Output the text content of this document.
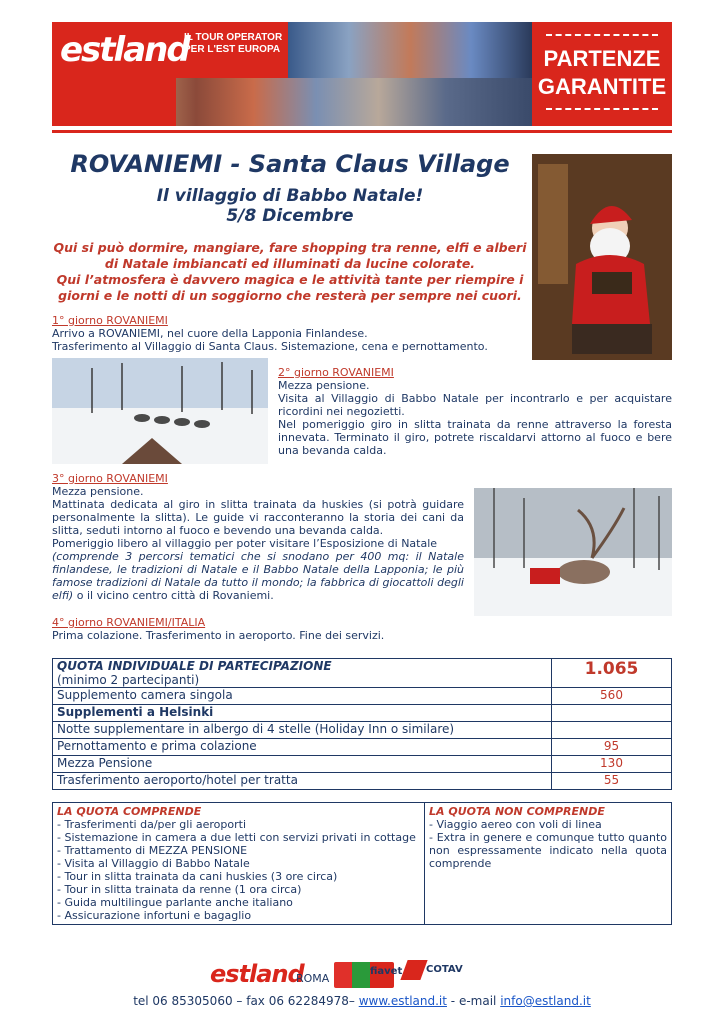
estland
IL TOUR OPERATOR
PER L'EST EUROPA	PARTENZE
GARANTITE
ROVANIEMI - Santa Claus Village
Il villaggio di Babbo Natale!
5/8 Dicembre
Qui si può dormire, mangiare, fare shopping tra renne, elfi e alberi
di Natale imbiancati ed illuminati da lucine colorate.
Qui l’atmosfera è davvero magica e le attività tante per riempire i
giorni e le notti di un soggiorno che resterà per sempre nei cuori.
1° giorno ROVANIEMI
Arrivo a ROVANIEMI, nel cuore della Lapponia Finlandese.
Trasferimento al Villaggio di Santa Claus. Sistemazione, cena e pernottamento.
2° giorno ROVANIEMI
Mezza pensione.
Visita al Villaggio di Babbo Natale per incontrarlo e per acquistare ricordini nei negozietti.
Nel pomeriggio giro in slitta trainata da renne attraverso la foresta innevata. Terminato il giro, potrete riscaldarvi attorno al fuoco e bere una bevanda calda.
3° giorno ROVANIEMI
Mezza pensione.
Mattinata dedicata al giro in slitta trainata da huskies (si potrà guidare personalmente la slitta). Le guide vi racconteranno la storia dei cani da slitta, seduti intorno al fuoco e bevendo una bevanda calda.
Pomeriggio libero al villaggio per poter visitare l’Esposizione di Natale
(comprende 3 percorsi tematici che si snodano per 400 mq: il Natale finlandese, le tradizioni di Natale e il Babbo Natale della Lapponia; le più famose tradizioni di Natale da tutto il mondo; la fabbrica di giocattoli degli elfi) o il vicino centro città di Rovaniemi.
4° giorno ROVANIEMI/ITALIA
Prima colazione. Trasferimento in aeroporto. Fine dei servizi.
QUOTA INDIVIDUALE DI PARTECIPAZIONE
(minimo 2 partecipanti)	1.065
Supplemento camera singola	560
Supplementi a Helsinki	
Notte supplementare in albergo di 4 stelle (Holiday Inn o similare)	
Pernottamento e prima colazione	95
Mezza Pensione	130
Trasferimento aeroporto/hotel per tratta	55
LA QUOTA COMPRENDE
- Trasferimenti da/per gli aeroporti
- Sistemazione in camera a due letti con servizi privati in cottage
- Trattamento di MEZZA PENSIONE
- Visita al Villaggio di Babbo Natale
- Tour in slitta trainata da cani huskies (3 ore circa)
- Tour in slitta trainata da renne (1 ora circa)
- Guida multilingue parlante anche italiano
- Assicurazione infortuni e bagaglio

LA QUOTA NON COMPRENDE
- Viaggio aereo con voli di linea
- Extra in genere e comunque tutto quanto non espressamente indicato nella quota comprende
estland
ROMA
fiavet COTAV
tel 06 85305060 – fax 06 62284978– www.estland.it - e-mail info@estland.it
